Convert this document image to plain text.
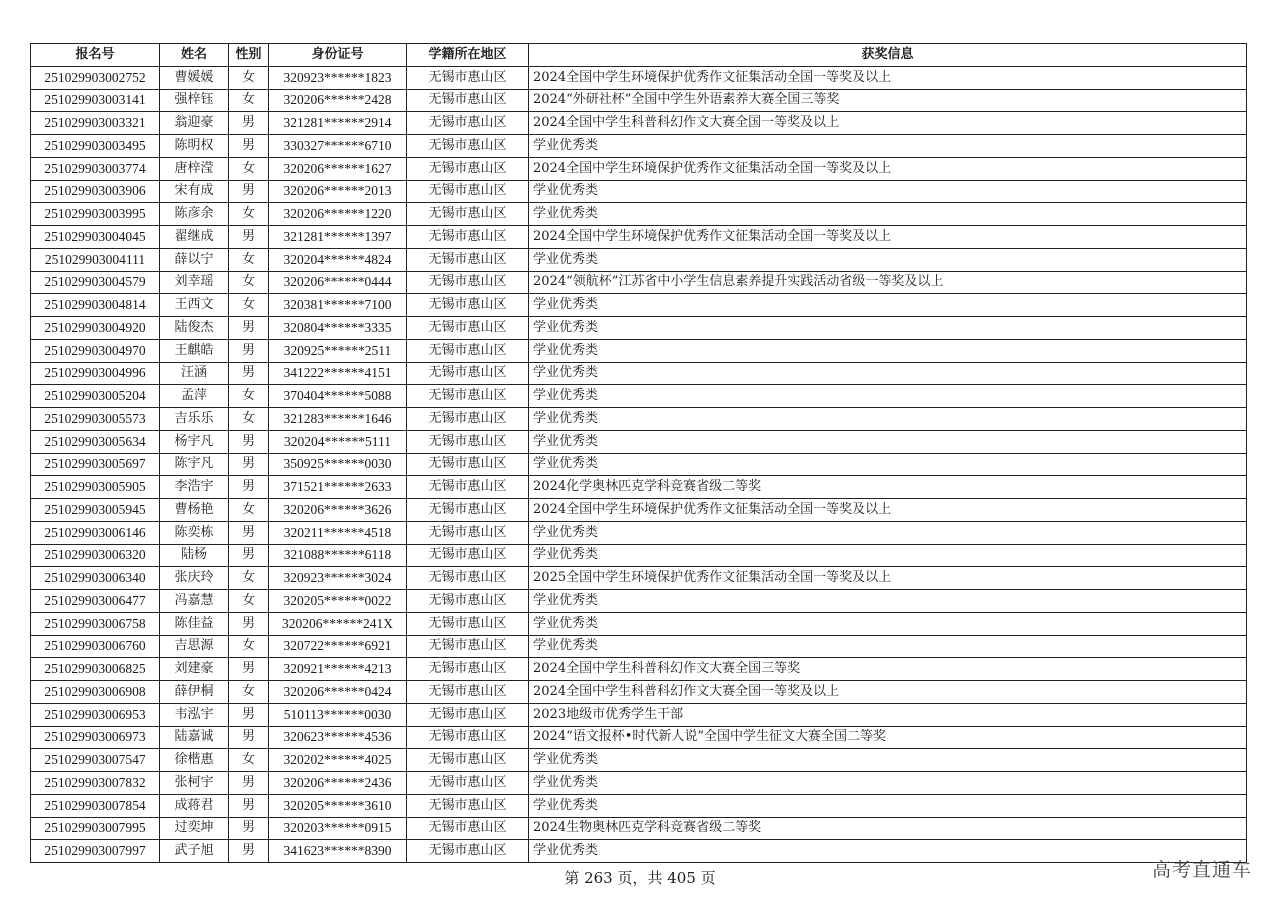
报名号	姓名	性别	身份证号	学籍所在地区	获奖信息
251029903002752	曹媛媛	女	320923******1823	无锡市惠山区	2024全国中学生环境保护优秀作文征集活动全国一等奖及以上
251029903003141	强梓钰	女	320206******2428	无锡市惠山区	2024“外研社杯”全国中学生外语素养大赛全国三等奖
251029903003321	翁迎豪	男	321281******2914	无锡市惠山区	2024全国中学生科普科幻作文大赛全国一等奖及以上
251029903003495	陈明权	男	330327******6710	无锡市惠山区	学业优秀类
251029903003774	唐梓滢	女	320206******1627	无锡市惠山区	2024全国中学生环境保护优秀作文征集活动全国一等奖及以上
251029903003906	宋有成	男	320206******2013	无锡市惠山区	学业优秀类
251029903003995	陈彦余	女	320206******1220	无锡市惠山区	学业优秀类
251029903004045	翟继成	男	321281******1397	无锡市惠山区	2024全国中学生环境保护优秀作文征集活动全国一等奖及以上
251029903004111	薛以宁	女	320204******4824	无锡市惠山区	学业优秀类
251029903004579	刘幸瑶	女	320206******0444	无锡市惠山区	2024“领航杯”江苏省中小学生信息素养提升实践活动省级一等奖及以上
251029903004814	王西文	女	320381******7100	无锡市惠山区	学业优秀类
251029903004920	陆俊杰	男	320804******3335	无锡市惠山区	学业优秀类
251029903004970	王麒皓	男	320925******2511	无锡市惠山区	学业优秀类
251029903004996	汪涵	男	341222******4151	无锡市惠山区	学业优秀类
251029903005204	孟萍	女	370404******5088	无锡市惠山区	学业优秀类
251029903005573	吉乐乐	女	321283******1646	无锡市惠山区	学业优秀类
251029903005634	杨宇凡	男	320204******5111	无锡市惠山区	学业优秀类
251029903005697	陈宇凡	男	350925******0030	无锡市惠山区	学业优秀类
251029903005905	李浩宇	男	371521******2633	无锡市惠山区	2024化学奥林匹克学科竞赛省级二等奖
251029903005945	曹杨艳	女	320206******3626	无锡市惠山区	2024全国中学生环境保护优秀作文征集活动全国一等奖及以上
251029903006146	陈奕栋	男	320211******4518	无锡市惠山区	学业优秀类
251029903006320	陆杨	男	321088******6118	无锡市惠山区	学业优秀类
251029903006340	张庆玲	女	320923******3024	无锡市惠山区	2025全国中学生环境保护优秀作文征集活动全国一等奖及以上
251029903006477	冯嘉慧	女	320205******0022	无锡市惠山区	学业优秀类
251029903006758	陈佳益	男	320206******241X	无锡市惠山区	学业优秀类
251029903006760	吉思源	女	320722******6921	无锡市惠山区	学业优秀类
251029903006825	刘建豪	男	320921******4213	无锡市惠山区	2024全国中学生科普科幻作文大赛全国三等奖
251029903006908	薛伊桐	女	320206******0424	无锡市惠山区	2024全国中学生科普科幻作文大赛全国一等奖及以上
251029903006953	韦泓宇	男	510113******0030	无锡市惠山区	2023地级市优秀学生干部
251029903006973	陆嘉诚	男	320623******4536	无锡市惠山区	2024“语文报杯•时代新人说”全国中学生征文大赛全国二等奖
251029903007547	徐楷惠	女	320202******4025	无锡市惠山区	学业优秀类
251029903007832	张柯宇	男	320206******2436	无锡市惠山区	学业优秀类
251029903007854	成蒋君	男	320205******3610	无锡市惠山区	学业优秀类
251029903007995	过奕坤	男	320203******0915	无锡市惠山区	2024生物奥林匹克学科竞赛省级二等奖
251029903007997	武子旭	男	341623******8390	无锡市惠山区	学业优秀类
第 263 页，共 405 页	高考直通车
